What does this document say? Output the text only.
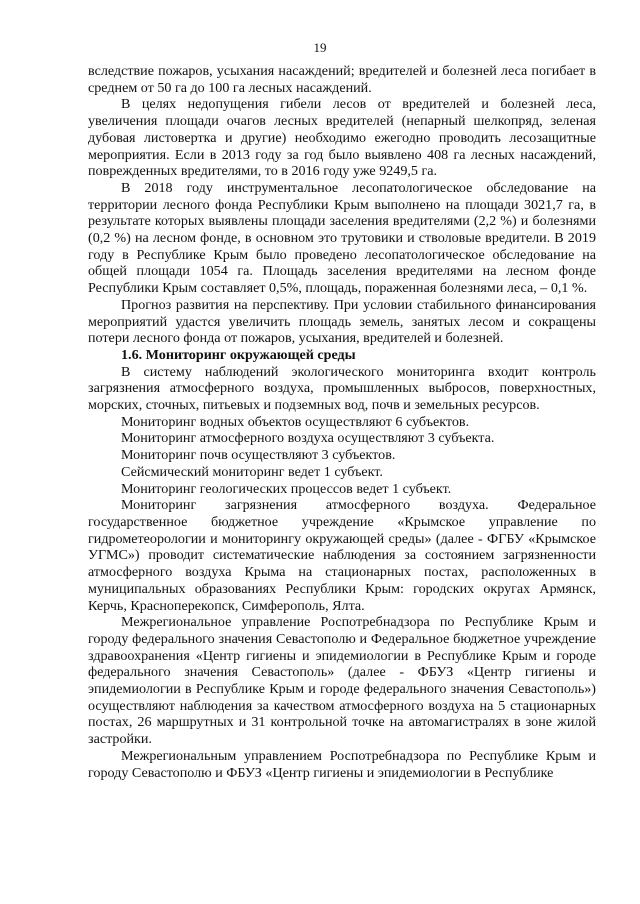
19

вследствие пожаров, усыхания насаждений; вредителей и болезней леса погибает в среднем от 50 га до 100 га лесных насаждений.

В целях недопущения гибели лесов от вредителей и болезней леса, увеличения площади очагов лесных вредителей (непарный шелкопряд, зеленая дубовая листовертка и другие) необходимо ежегодно проводить лесозащитные мероприятия. Если в 2013 году за год было выявлено 408 га лесных насаждений, поврежденных вредителями, то в 2016 году уже 9249,5 га.

В 2018 году инструментальное лесопатологическое обследование на территории лесного фонда Республики Крым выполнено на площади 3021,7 га, в результате которых выявлены площади заселения вредителями (2,2 %) и болезнями (0,2 %) на лесном фонде, в основном это трутовики и стволовые вредители. В 2019 году в Республике Крым было проведено лесопатологическое обследование на общей площади 1054 га. Площадь заселения вредителями на лесном фонде Республики Крым составляет 0,5%, площадь, пораженная болезнями леса, – 0,1 %.

Прогноз развития на перспективу. При условии стабильного финансирования мероприятий удастся увеличить площадь земель, занятых лесом и сокращены потери лесного фонда от пожаров, усыхания, вредителей и болезней.

1.6. Мониторинг окружающей среды

В систему наблюдений экологического мониторинга входит контроль загрязнения атмосферного воздуха, промышленных выбросов, поверхностных, морских, сточных, питьевых и подземных вод, почв и земельных ресурсов.

Мониторинг водных объектов осуществляют 6 субъектов.

Мониторинг атмосферного воздуха осуществляют 3 субъекта.

Мониторинг почв осуществляют 3 субъектов.

Сейсмический мониторинг ведет 1 субъект.

Мониторинг геологических процессов ведет 1 субъект.

Мониторинг загрязнения атмосферного воздуха. Федеральное государственное бюджетное учреждение «Крымское управление по гидрометеорологии и мониторингу окружающей среды» (далее - ФГБУ «Крымское УГМС») проводит систематические наблюдения за состоянием загрязненности атмосферного воздуха Крыма на стационарных постах, расположенных в муниципальных образованиях Республики Крым: городских округах Армянск, Керчь, Красноперекопск, Симферополь, Ялта.

Межрегиональное управление Роспотребнадзора по Республике Крым и городу федерального значения Севастополю и Федеральное бюджетное учреждение здравоохранения «Центр гигиены и эпидемиологии в Республике Крым и городе федерального значения Севастополь» (далее - ФБУЗ «Центр гигиены и эпидемиологии в Республике Крым и городе федерального значения Севастополь») осуществляют наблюдения за качеством атмосферного воздуха на 5 стационарных постах, 26 маршрутных и 31 контрольной точке на автомагистралях в зоне жилой застройки.

Межрегиональным управлением Роспотребнадзора по Республике Крым и городу Севастополю и ФБУЗ «Центр гигиены и эпидемиологии в Республике
